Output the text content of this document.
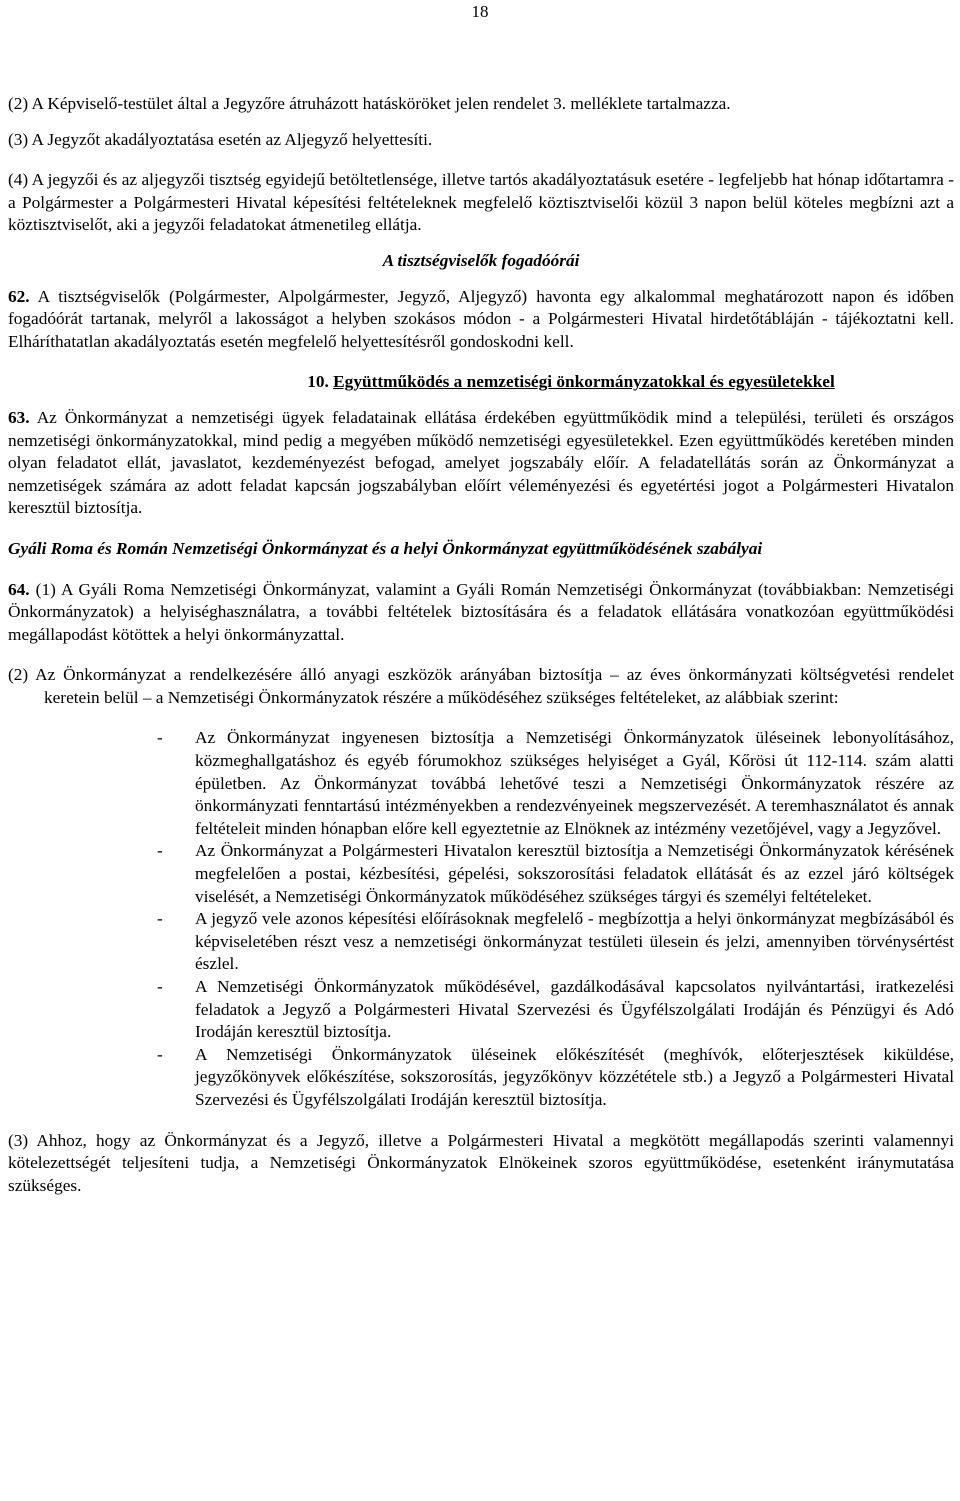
18

(2) A Képviselő-testület által a Jegyzőre átruházott hatásköröket jelen rendelet 3. melléklete tartalmazza.

(3) A Jegyzőt akadályoztatása esetén az Aljegyző helyettesíti.

(4) A jegyzői és az aljegyzői tisztség egyidejű betöltetlensége, illetve tartós akadályoztatásuk esetére - legfeljebb hat hónap időtartamra - a Polgármester a Polgármesteri Hivatal képesítési feltételeknek megfelelő köztisztviselői közül 3 napon belül köteles megbízni azt a köztisztviselőt, aki a jegyzői feladatokat átmenetileg ellátja.

A tisztségviselők fogadóórái

62. A tisztségviselők (Polgármester, Alpolgármester, Jegyző, Aljegyző) havonta egy alkalommal meghatározott napon és időben fogadóórát tartanak, melyről a lakosságot a helyben szokásos módon - a Polgármesteri Hivatal hirdetőtábláján - tájékoztatni kell. Elháríthatatlan akadályoztatás esetén megfelelő helyettesítésről gondoskodni kell.

10. Együttműködés a nemzetiségi önkormányzatokkal és egyesületekkel

63. Az Önkormányzat a nemzetiségi ügyek feladatainak ellátása érdekében együttműködik mind a települési, területi és országos nemzetiségi önkormányzatokkal, mind pedig a megyében működő nemzetiségi egyesületekkel. Ezen együttműködés keretében minden olyan feladatot ellát, javaslatot, kezdeményezést befogad, amelyet jogszabály előír. A feladatellátás során az Önkormányzat a nemzetiségek számára az adott feladat kapcsán jogszabályban előírt véleményezési és egyetértési jogot a Polgármesteri Hivatalon keresztül biztosítja.

Gyáli Roma és Román Nemzetiségi Önkormányzat és a helyi Önkormányzat együttműködésének szabályai

64. (1) A Gyáli Roma Nemzetiségi Önkormányzat, valamint a Gyáli Román Nemzetiségi Önkormányzat (továbbiakban: Nemzetiségi Önkormányzatok) a helyiséghasználatra, a további feltételek biztosítására és a feladatok ellátására vonatkozóan együttműködési megállapodást kötöttek a helyi önkormányzattal.

(2) Az Önkormányzat a rendelkezésére álló anyagi eszközök arányában biztosítja – az éves önkormányzati költségvetési rendelet keretein belül – a Nemzetiségi Önkormányzatok részére a működéséhez szükséges feltételeket, az alábbiak szerint:

-	Az Önkormányzat ingyenesen biztosítja a Nemzetiségi Önkormányzatok üléseinek lebonyolításához, közmeghallgatáshoz és egyéb fórumokhoz szükséges helyiséget a Gyál, Kőrösi út 112-114. szám alatti épületben. Az Önkormányzat továbbá lehetővé teszi a Nemzetiségi Önkormányzatok részére az önkormányzati fenntartású intézményekben a rendezvényeinek megszervezését. A teremhasználatot és annak feltételeit minden hónapban előre kell egyeztetnie az Elnöknek az intézmény vezetőjével, vagy a Jegyzővel.
-	Az Önkormányzat a Polgármesteri Hivatalon keresztül biztosítja a Nemzetiségi Önkormányzatok kérésének megfelelően a postai, kézbesítési, gépelési, sokszorosítási feladatok ellátását és az ezzel járó költségek viselését, a Nemzetiségi Önkormányzatok működéséhez szükséges tárgyi és személyi feltételeket.
-	A jegyző vele azonos képesítési előírásoknak megfelelő - megbízottja a helyi önkormányzat megbízásából és képviseletében részt vesz a nemzetiségi önkormányzat testületi ülesein és jelzi, amennyiben törvénysértést észlel.
-	A Nemzetiségi Önkormányzatok működésével, gazdálkodásával kapcsolatos nyilvántartási, iratkezelési feladatok a Jegyző a Polgármesteri Hivatal Szervezési és Ügyfélszolgálati Irodáján és Pénzügyi és Adó Irodáján keresztül biztosítja.
-	A Nemzetiségi Önkormányzatok üléseinek előkészítését (meghívók, előterjesztések kiküldése, jegyzőkönyvek előkészítése, sokszorosítás, jegyzőkönyv közzététele stb.) a Jegyző a Polgármesteri Hivatal Szervezési és Ügyfélszolgálati Irodáján keresztül biztosítja.

(3) Ahhoz, hogy az Önkormányzat és a Jegyző, illetve a Polgármesteri Hivatal a megkötött megállapodás szerinti valamennyi kötelezettségét teljesíteni tudja, a Nemzetiségi Önkormányzatok Elnökeinek szoros együttműködése, esetenként iránymutatása szükséges.
